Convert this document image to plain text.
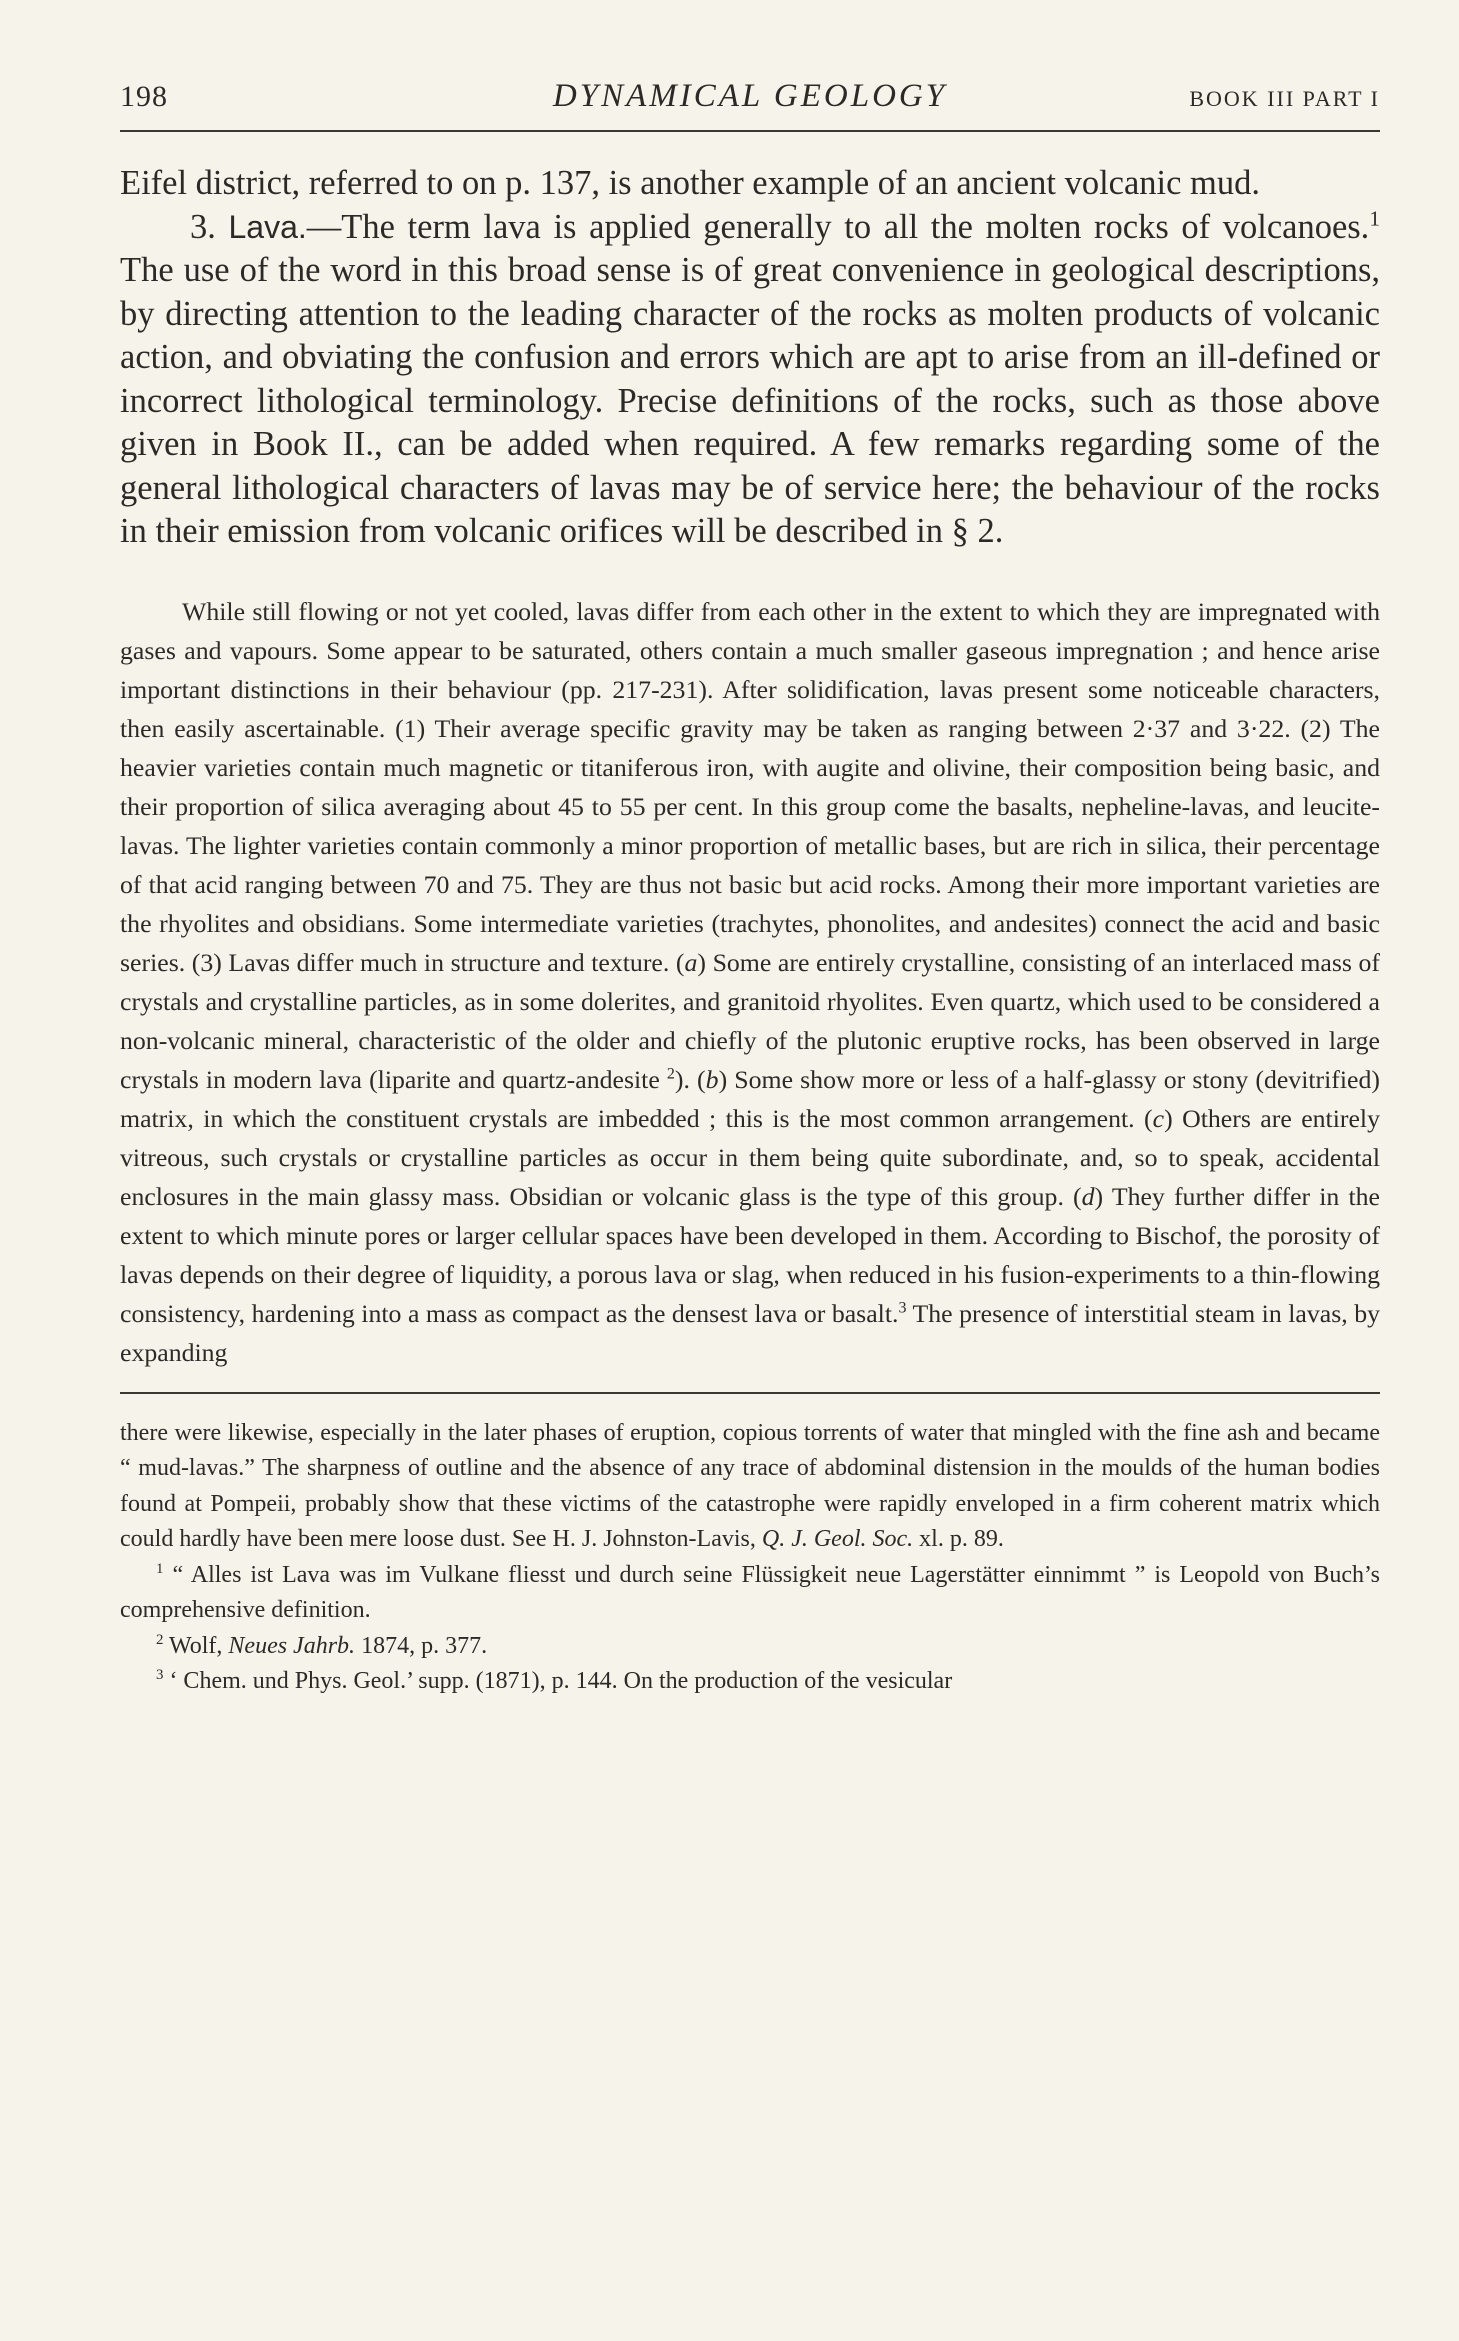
198	DYNAMICAL GEOLOGY	BOOK III PART I

Eifel district, referred to on p. 137, is another example of an ancient volcanic mud.

3. Lava.—The term lava is applied generally to all the molten rocks of volcanoes.$^1$ The use of the word in this broad sense is of great convenience in geological descriptions, by directing attention to the leading character of the rocks as molten products of volcanic action, and obviating the confusion and errors which are apt to arise from an ill-defined or incorrect lithological terminology. Precise definitions of the rocks, such as those above given in Book II., can be added when required. A few remarks regarding some of the general lithological characters of lavas may be of service here; the behaviour of the rocks in their emission from volcanic orifices will be described in § 2.

While still flowing or not yet cooled, lavas differ from each other in the extent to which they are impregnated with gases and vapours. Some appear to be saturated, others contain a much smaller gaseous impregnation ; and hence arise important distinctions in their behaviour (pp. 217-231). After solidification, lavas present some noticeable characters, then easily ascertainable. (1) Their average specific gravity may be taken as ranging between 2·37 and 3·22. (2) The heavier varieties contain much magnetic or titaniferous iron, with augite and olivine, their composition being basic, and their proportion of silica averaging about 45 to 55 per cent. In this group come the basalts, nepheline-lavas, and leucite-lavas. The lighter varieties contain commonly a minor proportion of metallic bases, but are rich in silica, their percentage of that acid ranging between 70 and 75. They are thus not basic but acid rocks. Among their more important varieties are the rhyolites and obsidians. Some intermediate varieties (trachytes, phonolites, and andesites) connect the acid and basic series. (3) Lavas differ much in structure and texture. (a) Some are entirely crystalline, consisting of an interlaced mass of crystals and crystalline particles, as in some dolerites, and granitoid rhyolites. Even quartz, which used to be considered a non-volcanic mineral, characteristic of the older and chiefly of the plutonic eruptive rocks, has been observed in large crystals in modern lava (liparite and quartz-andesite $^2$). (b) Some show more or less of a half-glassy or stony (devitrified) matrix, in which the constituent crystals are imbedded ; this is the most common arrangement. (c) Others are entirely vitreous, such crystals or crystalline particles as occur in them being quite subordinate, and, so to speak, accidental enclosures in the main glassy mass. Obsidian or volcanic glass is the type of this group. (d) They further differ in the extent to which minute pores or larger cellular spaces have been developed in them. According to Bischof, the porosity of lavas depends on their degree of liquidity, a porous lava or slag, when reduced in his fusion-experiments to a thin-flowing consistency, hardening into a mass as compact as the densest lava or basalt.$^3$ The presence of interstitial steam in lavas, by expanding

there were likewise, especially in the later phases of eruption, copious torrents of water that mingled with the fine ash and became “ mud-lavas.” The sharpness of outline and the absence of any trace of abdominal distension in the moulds of the human bodies found at Pompeii, probably show that these victims of the catastrophe were rapidly enveloped in a firm coherent matrix which could hardly have been mere loose dust. See H. J. Johnston-Lavis, Q. J. Geol. Soc. xl. p. 89.

$^1$ “ Alles ist Lava was im Vulkane fliesst und durch seine Flüssigkeit neue Lagerstätter einnimmt ” is Leopold von Buch’s comprehensive definition.

$^2$ Wolf, Neues Jahrb. 1874, p. 377.

$^3$ ‘ Chem. und Phys. Geol.’ supp. (1871), p. 144. On the production of the vesicular
